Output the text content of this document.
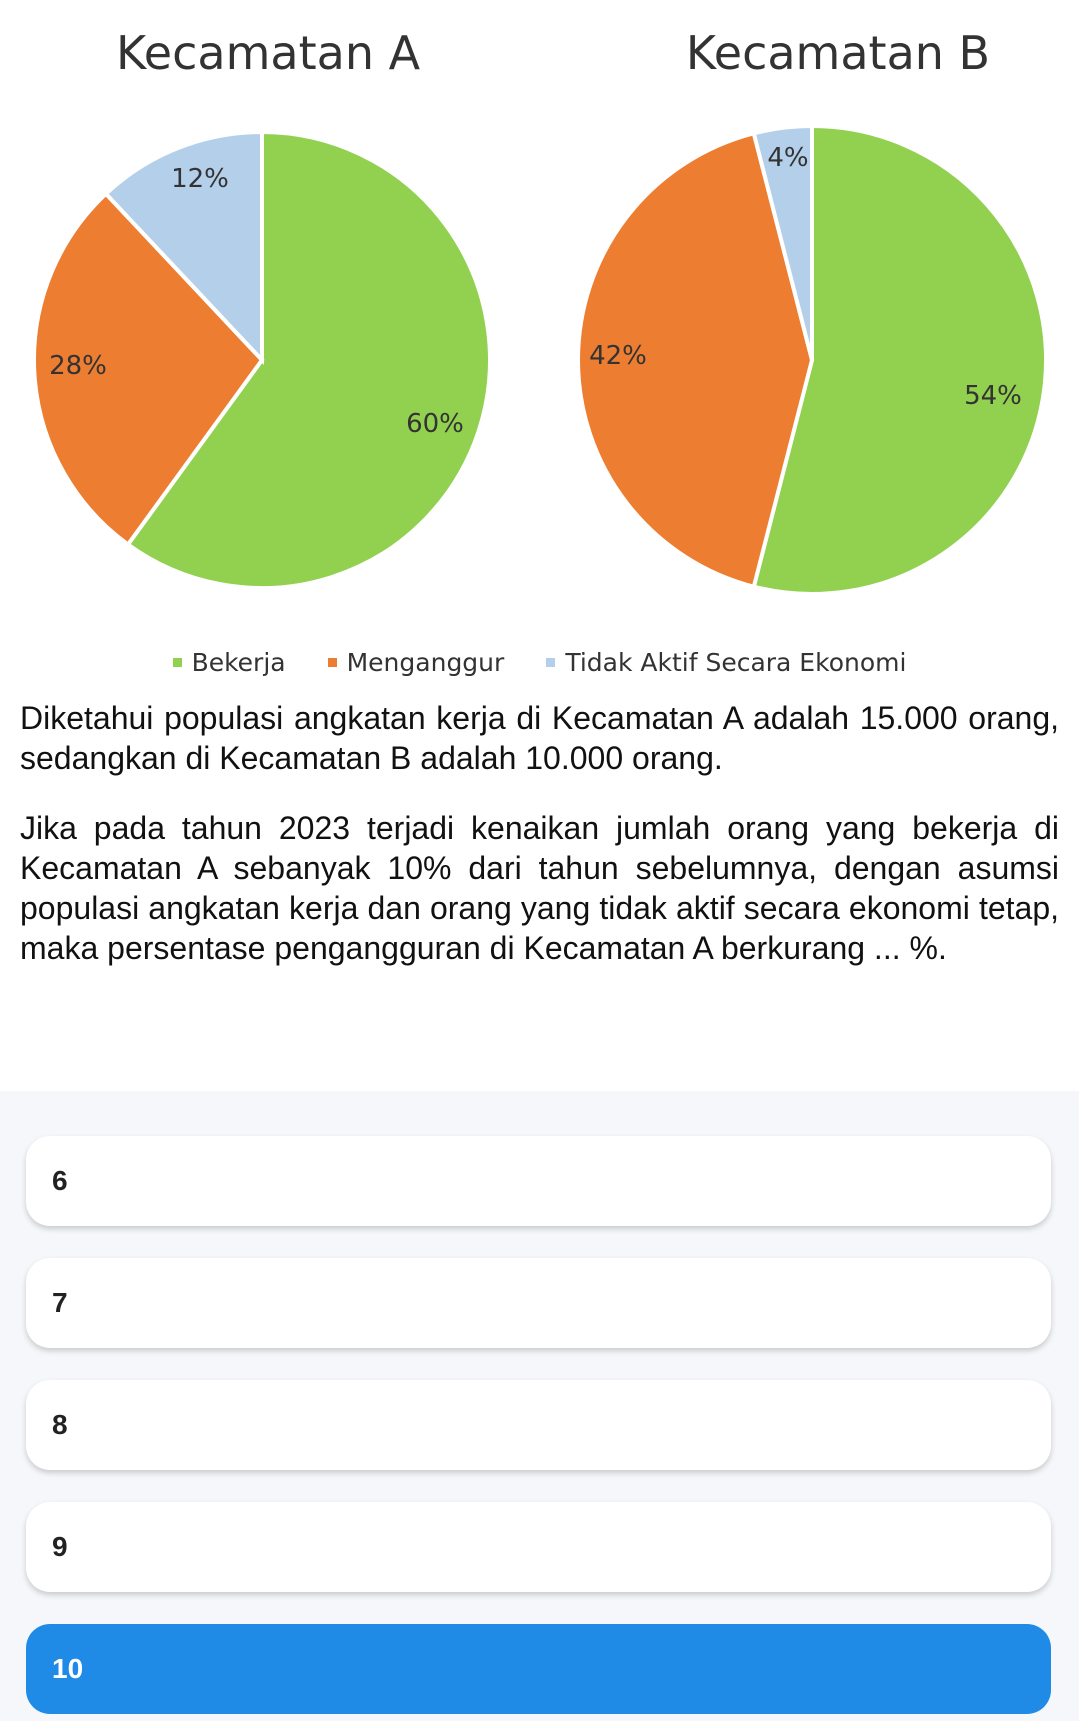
Kecamatan A	Kecamatan B
60%
28%
12%
54%
42%
4%
Bekerja Menganggur Tidak Aktif Secara Ekonomi

Diketahui populasi angkatan kerja di Kecamatan A adalah 15.000 orang, sedangkan di Kecamatan B adalah 10.000 orang.

Jika pada tahun 2023 terjadi kenaikan jumlah orang yang bekerja di Kecamatan A sebanyak 10% dari tahun sebelumnya, dengan asumsi populasi angkatan kerja dan orang yang tidak aktif secara ekonomi tetap, maka persentase pengangguran di Kecamatan A berkurang ... %.

6
7
8
9
10
